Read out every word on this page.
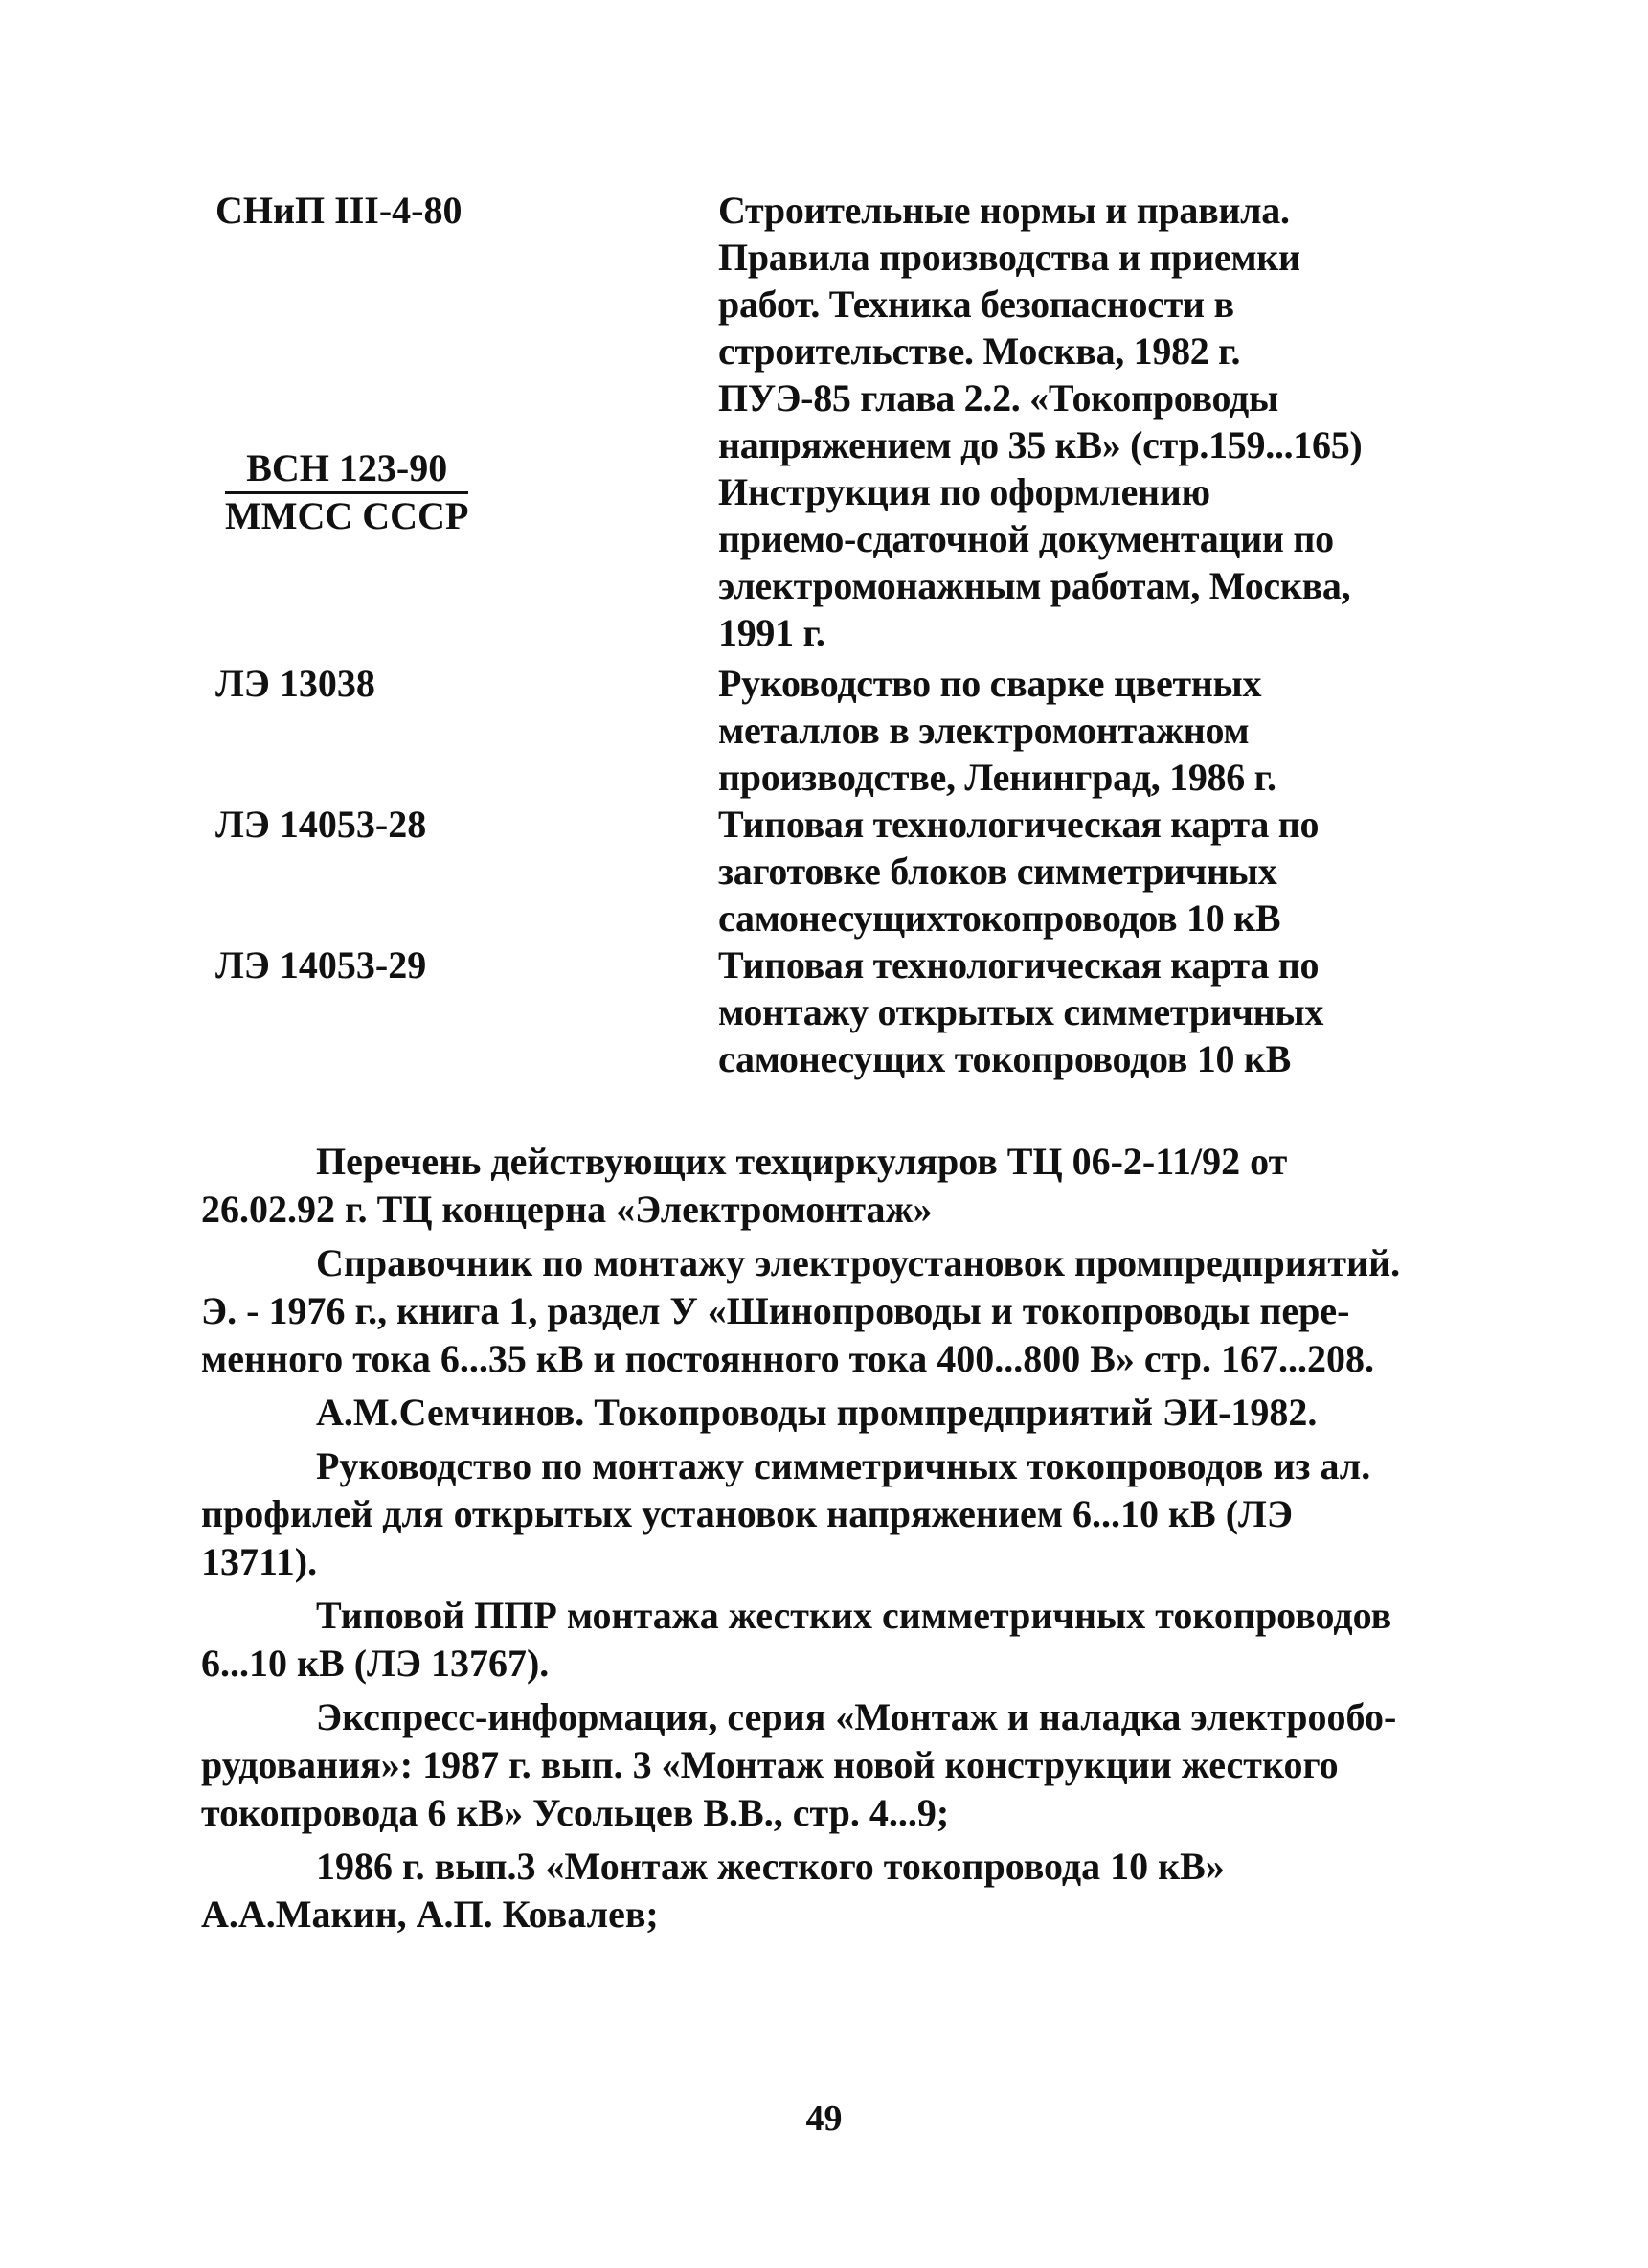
СНиП III-4-80	Строительные нормы и правила.
Правила производства и приемки
работ. Техника безопасности в
строительстве. Москва, 1982 г.
ПУЭ-85 глава 2.2. «Токопроводы
напряжением до 35 кВ» (стр.159...165)
$\frac{\text{ВСН 123-90}}{\text{ММСС СССР}}$	Инструкция по оформлению
приемо-сдаточной документации по
электромонажным работам, Москва,
1991 г.
ЛЭ 13038	Руководство по сварке цветных
металлов в электромонтажном
производстве, Ленинград, 1986 г.
ЛЭ 14053-28	Типовая технологическая карта по
заготовке блоков симметричных
самонесущихтокопроводов 10 кВ
ЛЭ 14053-29	Типовая технологическая карта по
монтажу открытых симметричных
самонесущих токопроводов 10 кВ
Перечень действующих техциркуляров ТЦ 06-2-11/92 от
26.02.92 г. ТЦ концерна «Электромонтаж»
Справочник по монтажу электроустановок промпредприятий.
Э. - 1976 г., книга 1, раздел У «Шинопроводы и токопроводы пере-
менного тока 6...35 кВ и постоянного тока 400...800 В» стр. 167...208.
А.М.Семчинов. Токопроводы промпредприятий ЭИ-1982.
Руководство по монтажу симметричных токопроводов из ал.
профилей для открытых установок напряжением 6...10 кВ (ЛЭ
13711).
Типовой ППР монтажа жестких симметричных токопроводов
6...10 кВ (ЛЭ 13767).
Экспресс-информация, серия «Монтаж и наладка электрообо-
рудования»: 1987 г. вып. 3 «Монтаж новой конструкции жесткого
токопровода 6 кВ» Усольцев В.В., стр. 4...9;
1986 г. вып.3 «Монтаж жесткого токопровода 10 кВ»
А.А.Макин, А.П. Ковалев;
49
